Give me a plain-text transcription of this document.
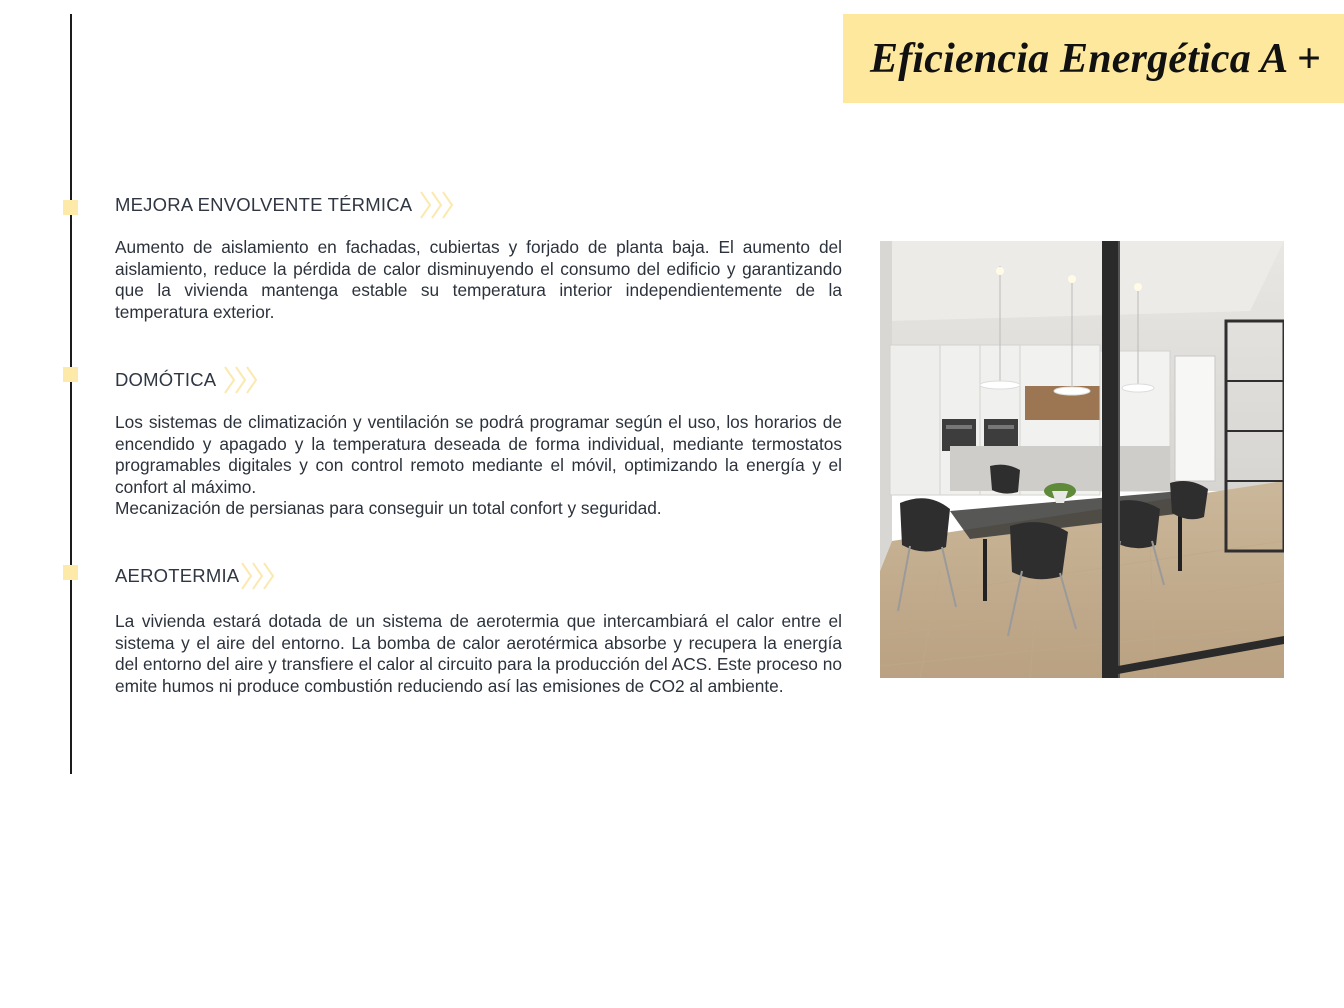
Eficiencia Energética A +
MEJORA ENVOLVENTE TÉRMICA

Aumento de aislamiento en fachadas, cubiertas y forjado de planta baja. El aumento del aislamiento, reduce la pérdida de calor disminuyendo el consumo del edificio y garantizando que la vivienda mantenga estable su temperatura interior independientemente de la temperatura exterior.

DOMÓTICA

Los sistemas de climatización y ventilación se podrá programar según el uso, los horarios de encendido y apagado y la temperatura deseada de forma individual, mediante termostatos programables digitales y con control remoto mediante el móvil, optimizando la energía y el confort al máximo.

Mecanización de persianas para conseguir un total confort y seguridad.

AEROTERMIA

La vivienda estará dotada de un sistema de aerotermia que intercambiará el calor entre el sistema y el aire del entorno. La bomba de calor aerotérmica absorbe y recupera la energía del entorno del aire y transfiere el calor al circuito para la producción del ACS. Este proceso no emite humos ni produce combustión reduciendo así las emisiones de CO2 al ambiente.
